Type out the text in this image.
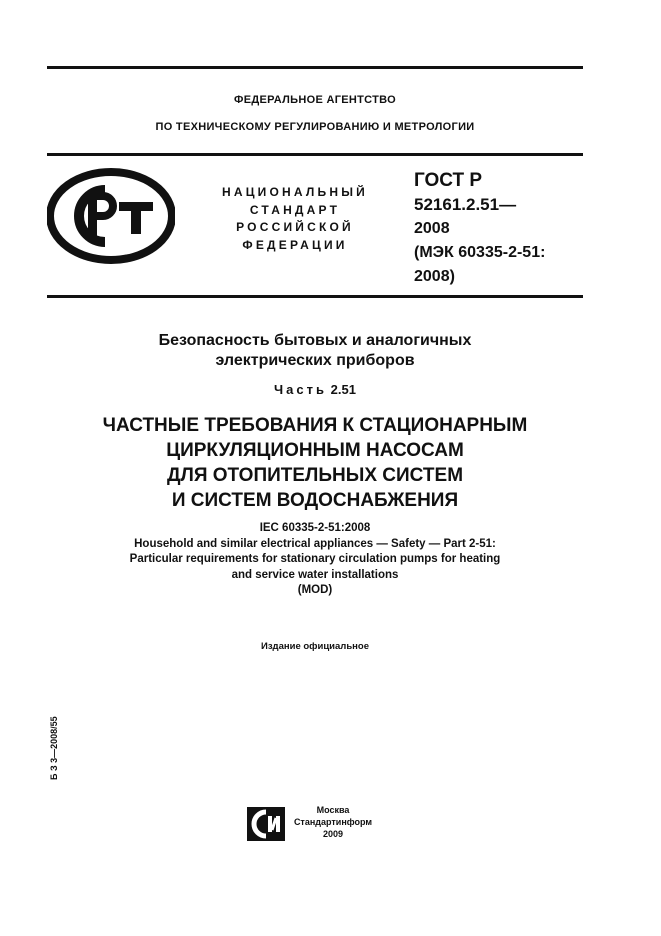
ФЕДЕРАЛЬНОЕ АГЕНТСТВО
ПО ТЕХНИЧЕСКОМУ РЕГУЛИРОВАНИЮ И МЕТРОЛОГИИ
НАЦИОНАЛЬНЫЙ
СТАНДАРТ
РОССИЙСКОЙ
ФЕДЕРАЦИИ
ГОСТ Р
52161.2.51—
2008
(МЭК 60335-2-51:
2008)
Безопасность бытовых и аналогичных
электрических приборов
Часть 2.51
ЧАСТНЫЕ ТРЕБОВАНИЯ К СТАЦИОНАРНЫМ
ЦИРКУЛЯЦИОННЫМ НАСОСАМ
ДЛЯ ОТОПИТЕЛЬНЫХ СИСТЕМ
И СИСТЕМ ВОДОСНАБЖЕНИЯ
IEC 60335-2-51:2008
Household and similar electrical appliances — Safety — Part 2-51:
Particular requirements for stationary circulation pumps for heating
and service water installations
(MOD)
Издание официальное
Б З 3—2008/55
Москва
Стандартинформ
2009
